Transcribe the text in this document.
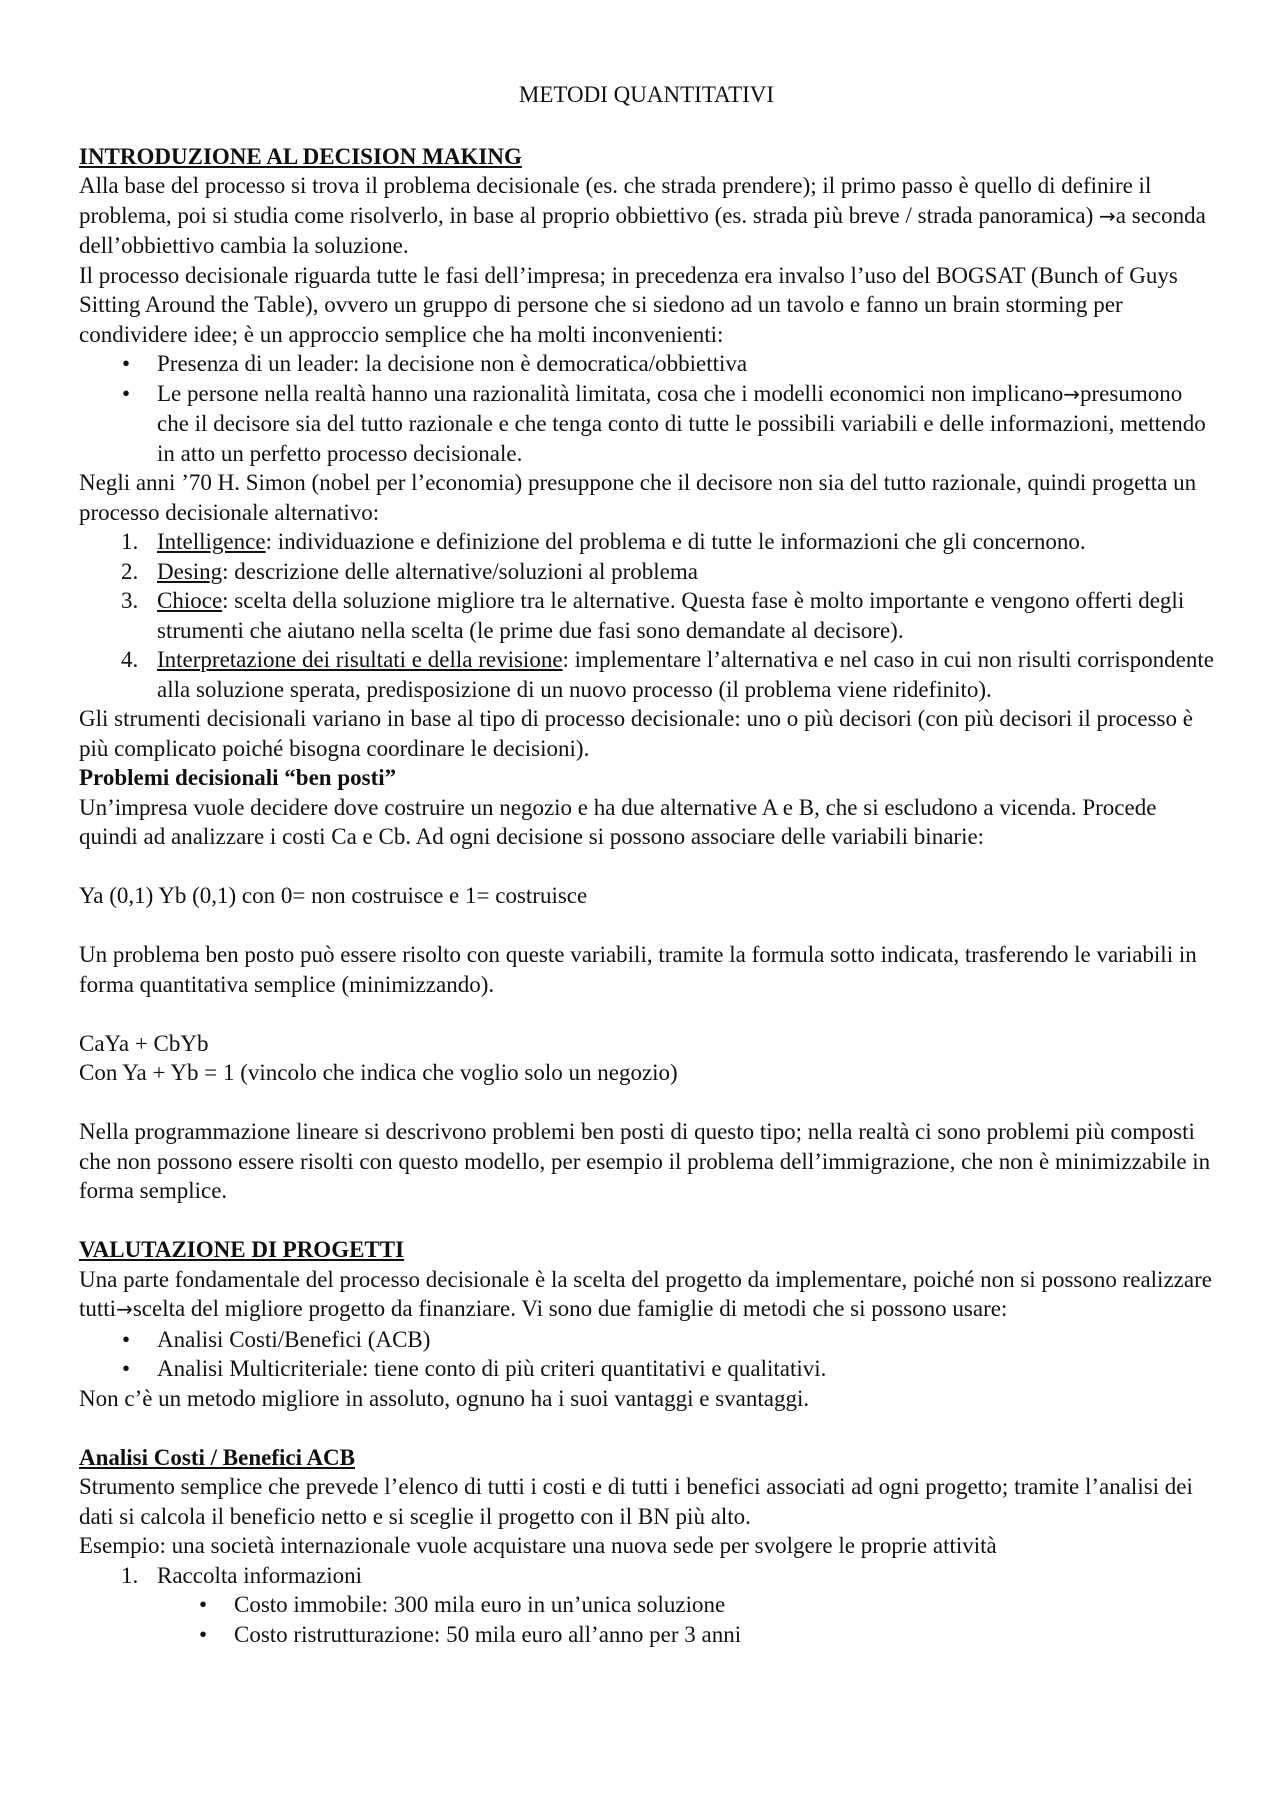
METODI QUANTITATIVI

INTRODUZIONE AL DECISION MAKING

Alla base del processo si trova il problema decisionale (es. che strada prendere); il primo passo è quello di definire il problema, poi si studia come risolverlo, in base al proprio obbiettivo (es. strada più breve / strada panoramica) →a seconda dell’obbiettivo cambia la soluzione.

Il processo decisionale riguarda tutte le fasi dell’impresa; in precedenza era invalso l’uso del BOGSAT (Bunch of Guys Sitting Around the Table), ovvero un gruppo di persone che si siedono ad un tavolo e fanno un brain storming per condividere idee; è un approccio semplice che ha molti inconvenienti:

• Presenza di un leader: la decisione non è democratica/obbiettiva
• Le persone nella realtà hanno una razionalità limitata, cosa che i modelli economici non implicano→presumono che il decisore sia del tutto razionale e che tenga conto di tutte le possibili variabili e delle informazioni, mettendo in atto un perfetto processo decisionale.

Negli anni ’70 H. Simon (nobel per l’economia) presuppone che il decisore non sia del tutto razionale, quindi progetta un processo decisionale alternativo:

1. Intelligence: individuazione e definizione del problema e di tutte le informazioni che gli concernono.
2. Desing: descrizione delle alternative/soluzioni al problema
3. Chioce: scelta della soluzione migliore tra le alternative. Questa fase è molto importante e vengono offerti degli strumenti che aiutano nella scelta (le prime due fasi sono demandate al decisore).
4. Interpretazione dei risultati e della revisione: implementare l’alternativa e nel caso in cui non risulti corrispondente alla soluzione sperata, predisposizione di un nuovo processo (il problema viene ridefinito).

Gli strumenti decisionali variano in base al tipo di processo decisionale: uno o più decisori (con più decisori il processo è più complicato poiché bisogna coordinare le decisioni).

Problemi decisionali “ben posti”

Un’impresa vuole decidere dove costruire un negozio e ha due alternative A e B, che si escludono a vicenda. Procede quindi ad analizzare i costi Ca e Cb. Ad ogni decisione si possono associare delle variabili binarie:

Ya (0,1) Yb (0,1) con 0= non costruisce e 1= costruisce

Un problema ben posto può essere risolto con queste variabili, tramite la formula sotto indicata, trasferendo le variabili in forma quantitativa semplice (minimizzando).

CaYa + CbYb

Con Ya + Yb = 1 (vincolo che indica che voglio solo un negozio)

Nella programmazione lineare si descrivono problemi ben posti di questo tipo; nella realtà ci sono problemi più composti che non possono essere risolti con questo modello, per esempio il problema dell’immigrazione, che non è minimizzabile in forma semplice.

VALUTAZIONE DI PROGETTI

Una parte fondamentale del processo decisionale è la scelta del progetto da implementare, poiché non si possono realizzare tutti→scelta del migliore progetto da finanziare. Vi sono due famiglie di metodi che si possono usare:

• Analisi Costi/Benefici (ACB)
• Analisi Multicriteriale: tiene conto di più criteri quantitativi e qualitativi.

Non c’è un metodo migliore in assoluto, ognuno ha i suoi vantaggi e svantaggi.

Analisi Costi / Benefici ACB

Strumento semplice che prevede l’elenco di tutti i costi e di tutti i benefici associati ad ogni progetto; tramite l’analisi dei dati si calcola il beneficio netto e si sceglie il progetto con il BN più alto.

Esempio: una società internazionale vuole acquistare una nuova sede per svolgere le proprie attività

1. Raccolta informazioni
• Costo immobile: 300 mila euro in un’unica soluzione
• Costo ristrutturazione: 50 mila euro all’anno per 3 anni
